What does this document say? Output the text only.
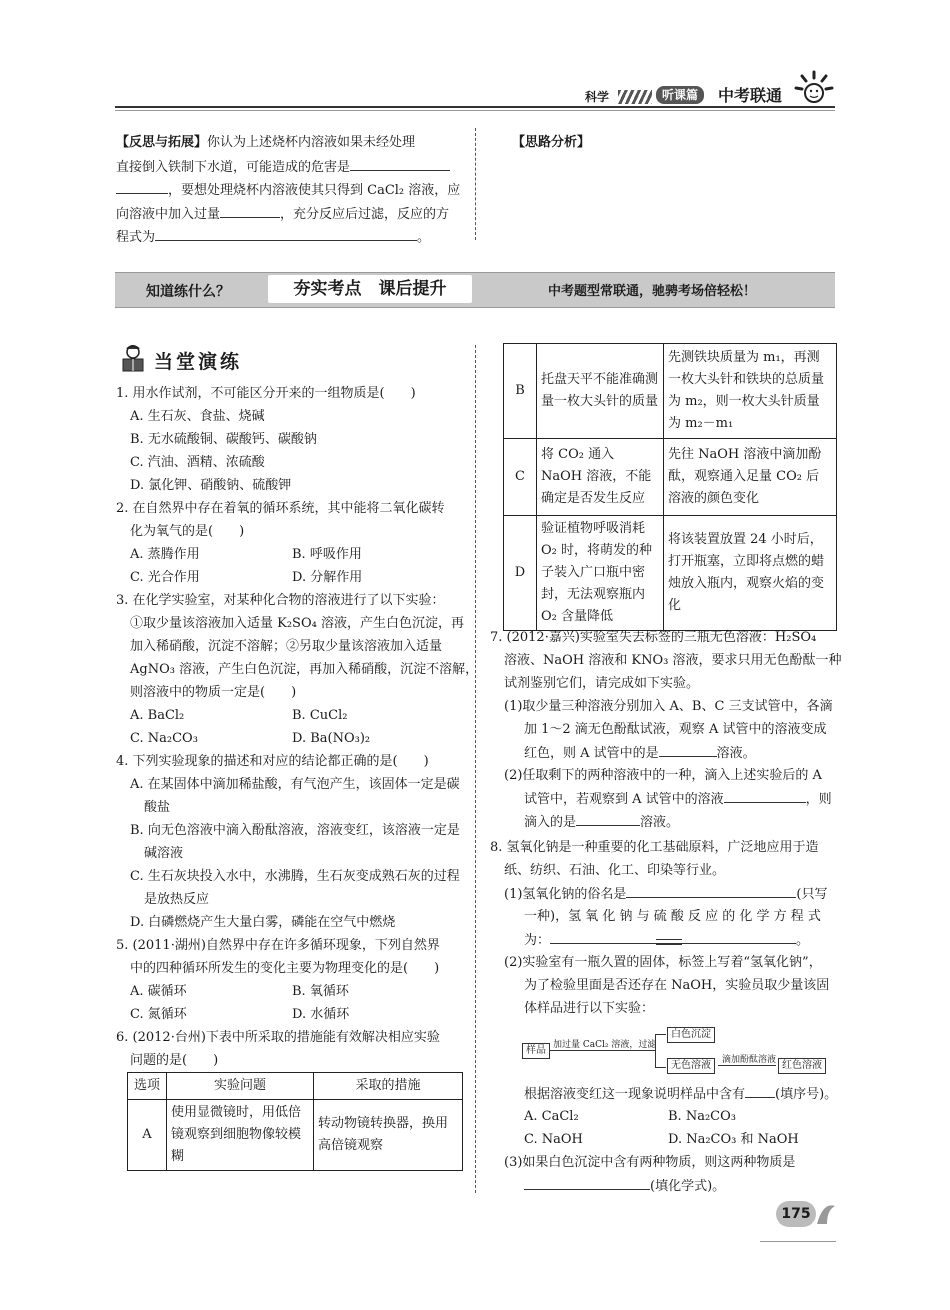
科学	听课篇	中考联通
【反思与拓展】你认为上述烧杯内溶液如果未经处理
直接倒入铁制下水道，可能造成的危害是
，要想处理烧杯内溶液使其只得到 CaCl₂ 溶液，应
向溶液中加入过量	，充分反应后过滤，反应的方
程式为	。
【思路分析】
知道练什么？	夯实考点　课后提升	中考题型常联通，驰骋考场倍轻松！
当堂演练
1. 用水作试剂，不可能区分开来的一组物质是(　　)
A. 生石灰、食盐、烧碱
B. 无水硫酸铜、碳酸钙、碳酸钠
C. 汽油、酒精、浓硫酸
D. 氯化钾、硝酸钠、硫酸钾
2. 在自然界中存在着氧的循环系统，其中能将二氧化碳转
化为氧气的是(　　)
A. 蒸腾作用	B. 呼吸作用
C. 光合作用	D. 分解作用
3. 在化学实验室，对某种化合物的溶液进行了以下实验：
①取少量该溶液加入适量 K₂SO₄ 溶液，产生白色沉淀，再
加入稀硝酸，沉淀不溶解；②另取少量该溶液加入适量
AgNO₃ 溶液，产生白色沉淀，再加入稀硝酸，沉淀不溶解，
则溶液中的物质一定是(　　)
A. BaCl₂	B. CuCl₂
C. Na₂CO₃	D. Ba(NO₃)₂
4. 下列实验现象的描述和对应的结论都正确的是(　　)
A. 在某固体中滴加稀盐酸，有气泡产生，该固体一定是碳
酸盐
B. 向无色溶液中滴入酚酞溶液，溶液变红，该溶液一定是
碱溶液
C. 生石灰块投入水中，水沸腾，生石灰变成熟石灰的过程
是放热反应
D. 白磷燃烧产生大量白雾，磷能在空气中燃烧
5. (2011·湖州)自然界中存在许多循环现象，下列自然界
中的四种循环所发生的变化主要为物理变化的是(　　)
A. 碳循环	B. 氧循环
C. 氮循环	D. 水循环
6. (2012·台州)下表中所采取的措施能有效解决相应实验
问题的是(　　)
选项	实验问题	采取的措施
A	使用显微镜时，用低倍镜观察到细胞物像较模糊	转动物镜转换器，换用高倍镜观察
B	托盘天平不能准确测量一枚大头针的质量	先测铁块质量为 m₁，再测一枚大头针和铁块的总质量为 m₂，则一枚大头针质量为 m₂－m₁
C	将 CO₂ 通入 NaOH 溶液，不能确定是否发生反应	先往 NaOH 溶液中滴加酚酞，观察通入足量 CO₂ 后溶液的颜色变化
D	验证植物呼吸消耗 O₂ 时，将萌发的种子装入广口瓶中密封，无法观察瓶内 O₂ 含量降低	将该装置放置 24 小时后，打开瓶塞，立即将点燃的蜡烛放入瓶内，观察火焰的变化
7. (2012·嘉兴)实验室失去标签的三瓶无色溶液：H₂SO₄
溶液、NaOH 溶液和 KNO₃ 溶液，要求只用无色酚酞一种
试剂鉴别它们，请完成如下实验。
(1)取少量三种溶液分别加入 A、B、C 三支试管中，各滴
加 1～2 滴无色酚酞试液，观察 A 试管中的溶液变成
红色，则 A 试管中的是	溶液。
(2)任取剩下的两种溶液中的一种，滴入上述实验后的 A
试管中，若观察到 A 试管中的溶液	，则
滴入的是	溶液。
8. 氢氧化钠是一种重要的化工基础原料，广泛地应用于造
纸、纺织、石油、化工、印染等行业。
(1)氢氧化钠的俗名是	(只写
一种)，氢 氧 化 钠 与 硫 酸 反 应 的 化 学 方 程 式
为：	。
(2)实验室有一瓶久置的固体，标签上写着“氢氧化钠”，
为了检验里面是否还存在 NaOH，实验员取少量该固
体样品进行以下实验：
样品 加过量 CaCl₂ 溶液，过滤
白色沉淀
无色溶液	滴加酚酞溶液 红色溶液
根据溶液变红这一现象说明样品中含有 (填序号)。
A. CaCl₂	B. Na₂CO₃
C. NaOH	D. Na₂CO₃ 和 NaOH
(3)如果白色沉淀中含有两种物质，则这两种物质是
(填化学式)。
175
